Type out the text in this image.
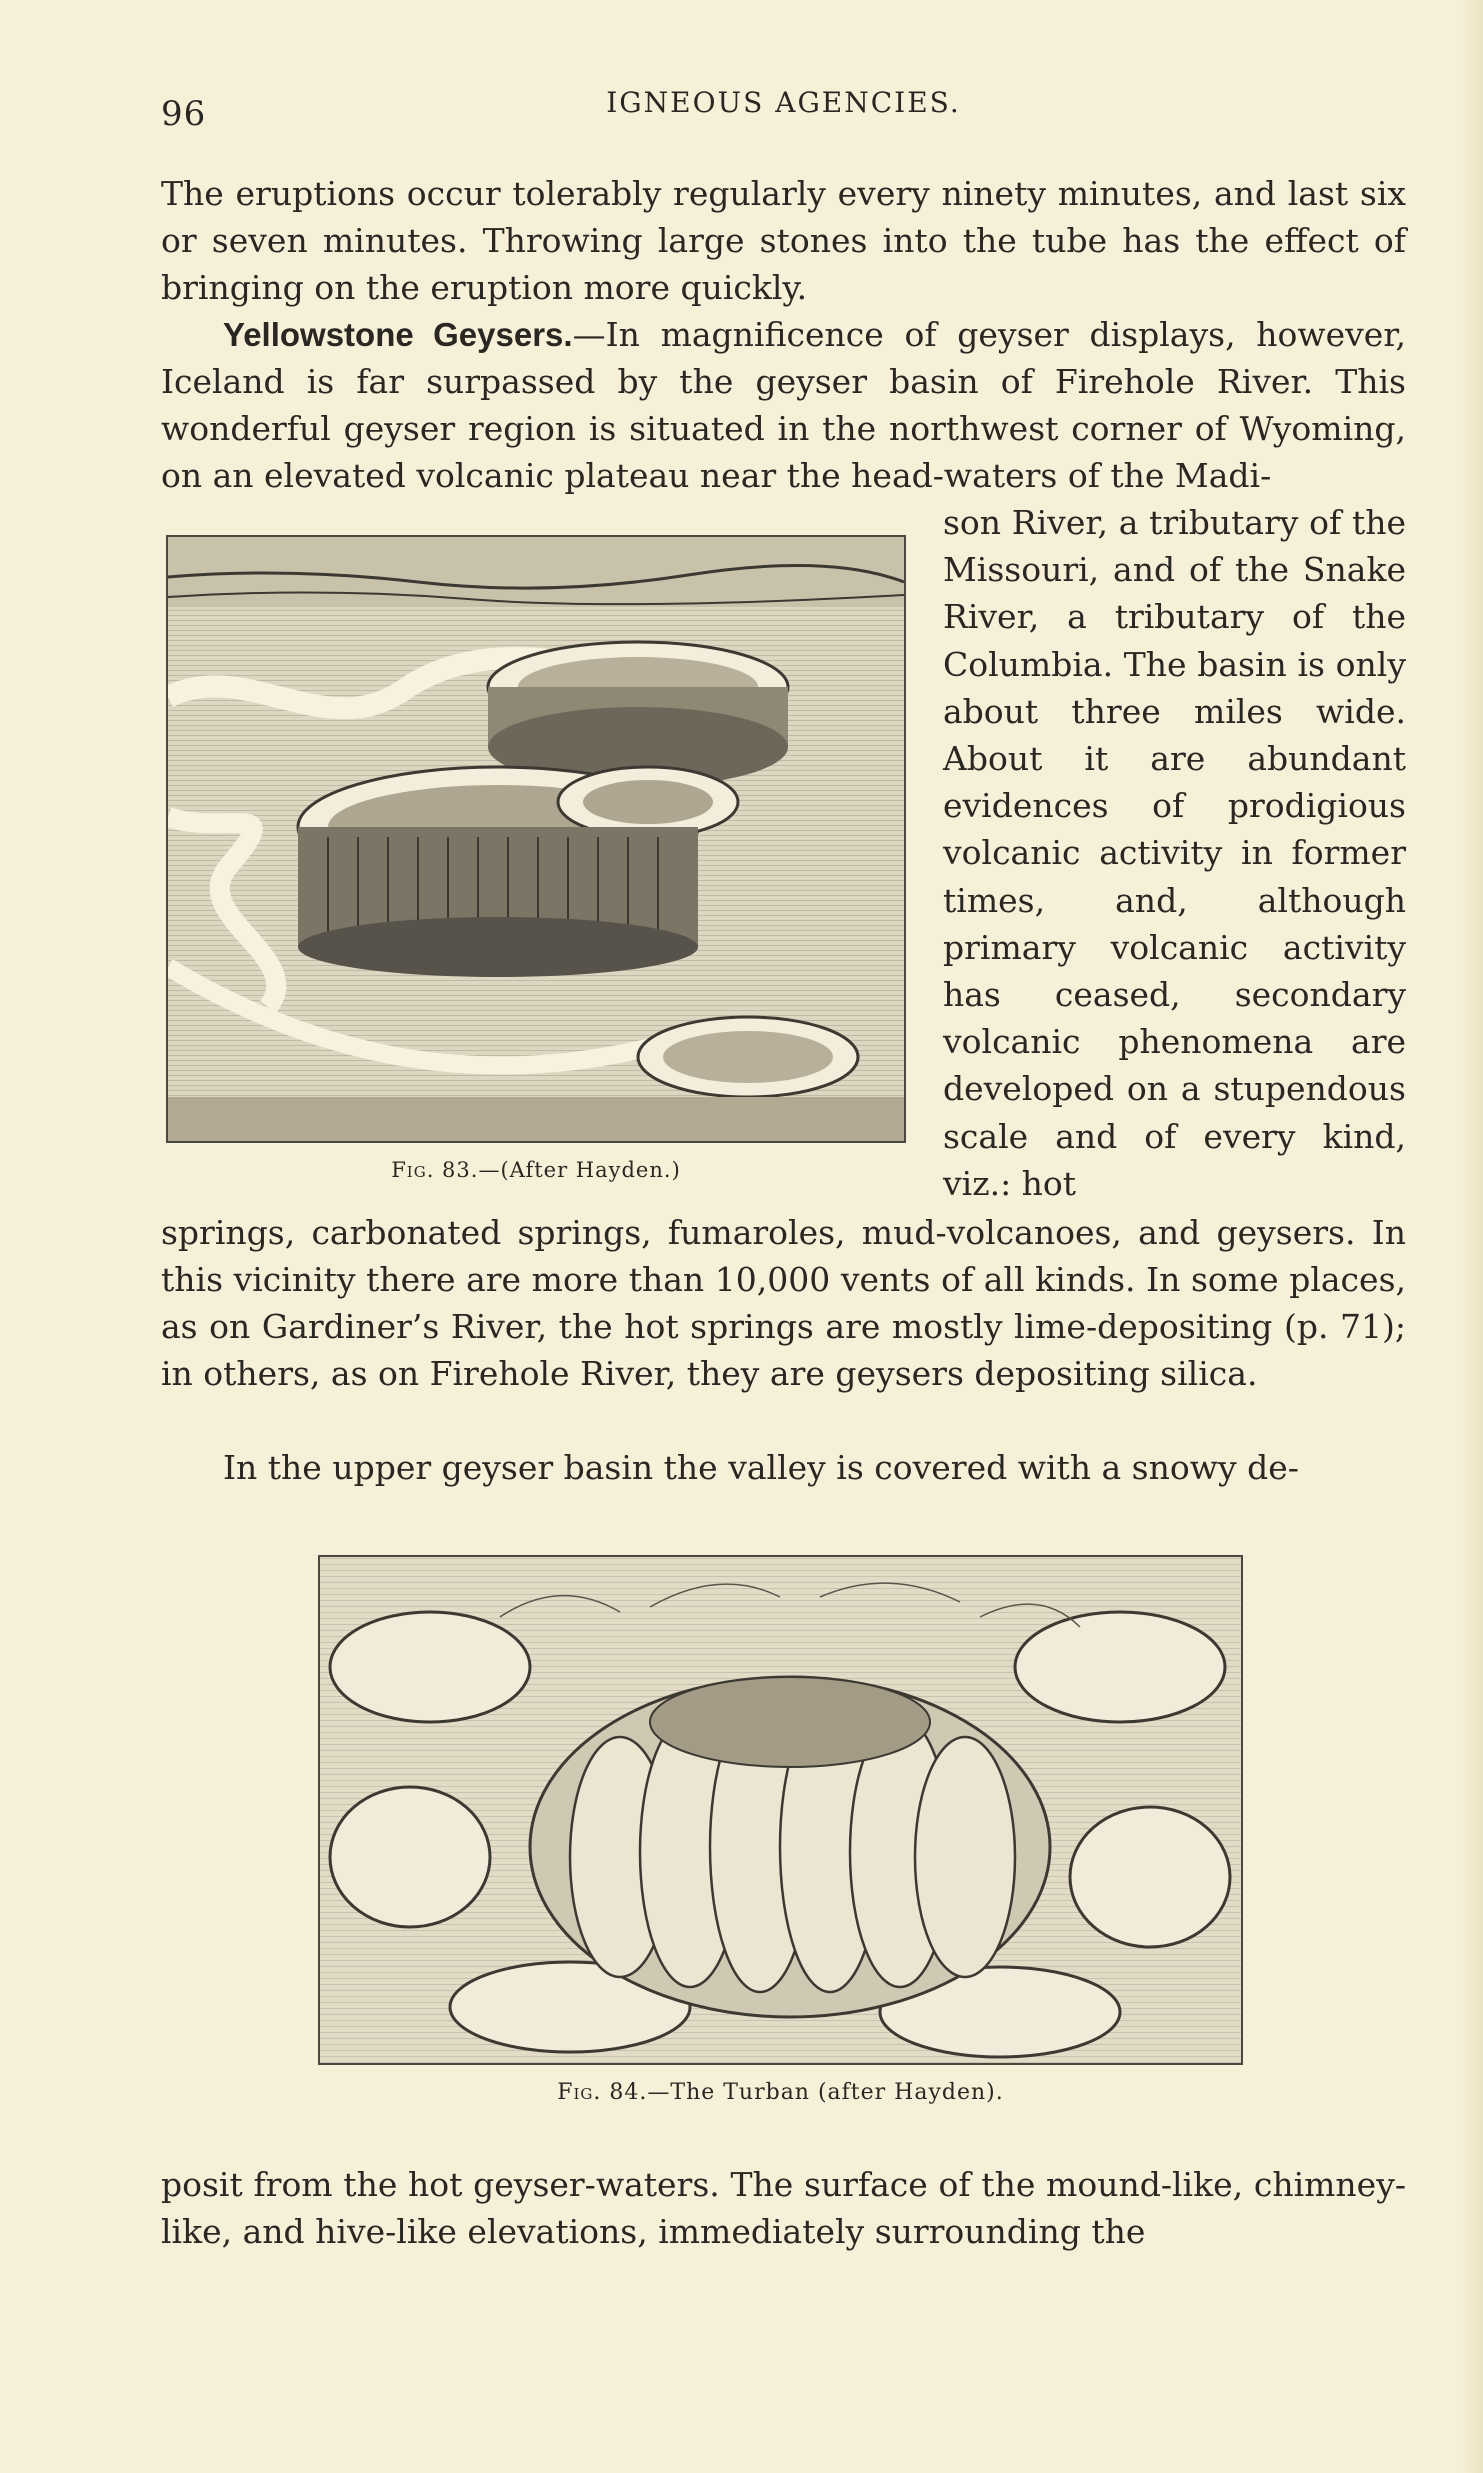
96	IGNEOUS AGENCIES.

The eruptions occur tolerably regularly every ninety minutes, and last six or seven minutes. Throwing large stones into the tube has the effect of bringing on the eruption more quickly.

Yellowstone Geysers.—In magnificence of geyser displays, however, Iceland is far surpassed by the geyser basin of Firehole River. This wonderful geyser region is situated in the northwest corner of Wyoming, on an elevated volcanic plateau near the head-waters of the Madi-

Fig. 83.—(After Hayden.)

son River, a tributary of the Missouri, and of the Snake River, a tributary of the Columbia. The basin is only about three miles wide. About it are abundant evidences of prodigious volcanic activity in former times, and, although primary volcanic activity has ceased, secondary volcanic phenomena are developed on a stupendous scale and of every kind, viz.: hot

springs, carbonated springs, fumaroles, mud-volcanoes, and geysers. In this vicinity there are more than 10,000 vents of all kinds. In some places, as on Gardiner’s River, the hot springs are mostly lime-depositing (p. 71); in others, as on Firehole River, they are geysers depositing silica.

In the upper geyser basin the valley is covered with a snowy de-

Fig. 84.—The Turban (after Hayden).

posit from the hot geyser-waters. The surface of the mound-like, chimney-like, and hive-like elevations, immediately surrounding the
